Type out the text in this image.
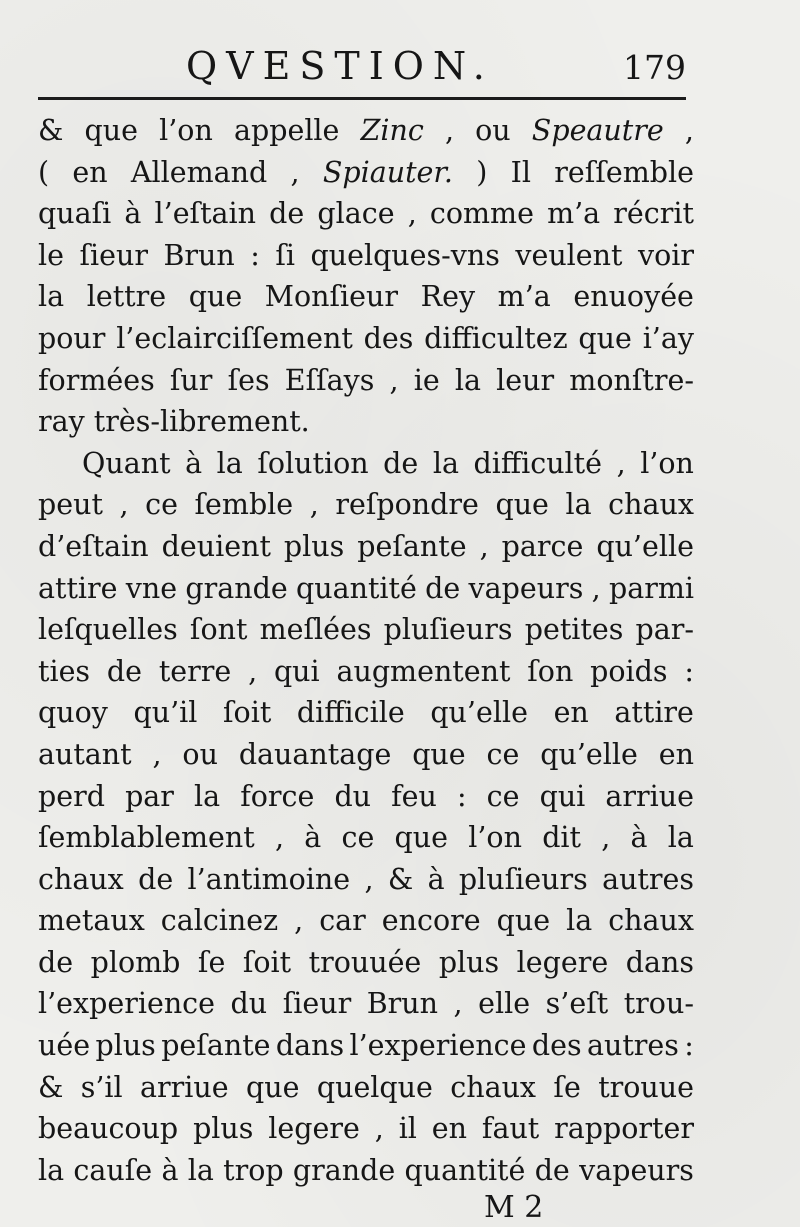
QVESTION.	179
& que l’on appelle Zinc , ou Speautre ,
( en Allemand , Spiauter. ) Il reſſemble
quaſi à l’eſtain de glace , comme m’a récrit
le ſieur Brun : ſi quelques-vns veulent voir
la lettre que Monſieur Rey m’a enuoyée
pour l’eclairciſſement des difficultez que i’ay
formées ſur ſes Eſſays , ie la leur monſtre-
ray
très-librement.
Quant à la ſolution de la difficulté , l’on
peut , ce ſemble , reſpondre que la chaux
d’eſtain deuient plus peſante , parce qu’elle
attire vne grande quantité de vapeurs , parmi
leſquelles ſont meſlées pluſieurs petites par-
ties de terre , qui augmentent ſon poids :
quoy qu’il ſoit difficile qu’elle en attire
autant , ou dauantage que ce qu’elle en
perd par la force du feu : ce qui arriue
ſemblablement , à ce que l’on dit , à la
chaux de l’antimoine , & à pluſieurs autres
metaux calcinez , car encore que la chaux
de plomb ſe ſoit trouuée plus legere dans
l’experience du ſieur Brun , elle s’eſt trou-
uée plus peſante dans l’experience des autres :
& s’il arriue que quelque chaux ſe trouue
beaucoup plus legere , il en faut rapporter
la cauſe à la trop grande quantité de vapeurs
M 2
